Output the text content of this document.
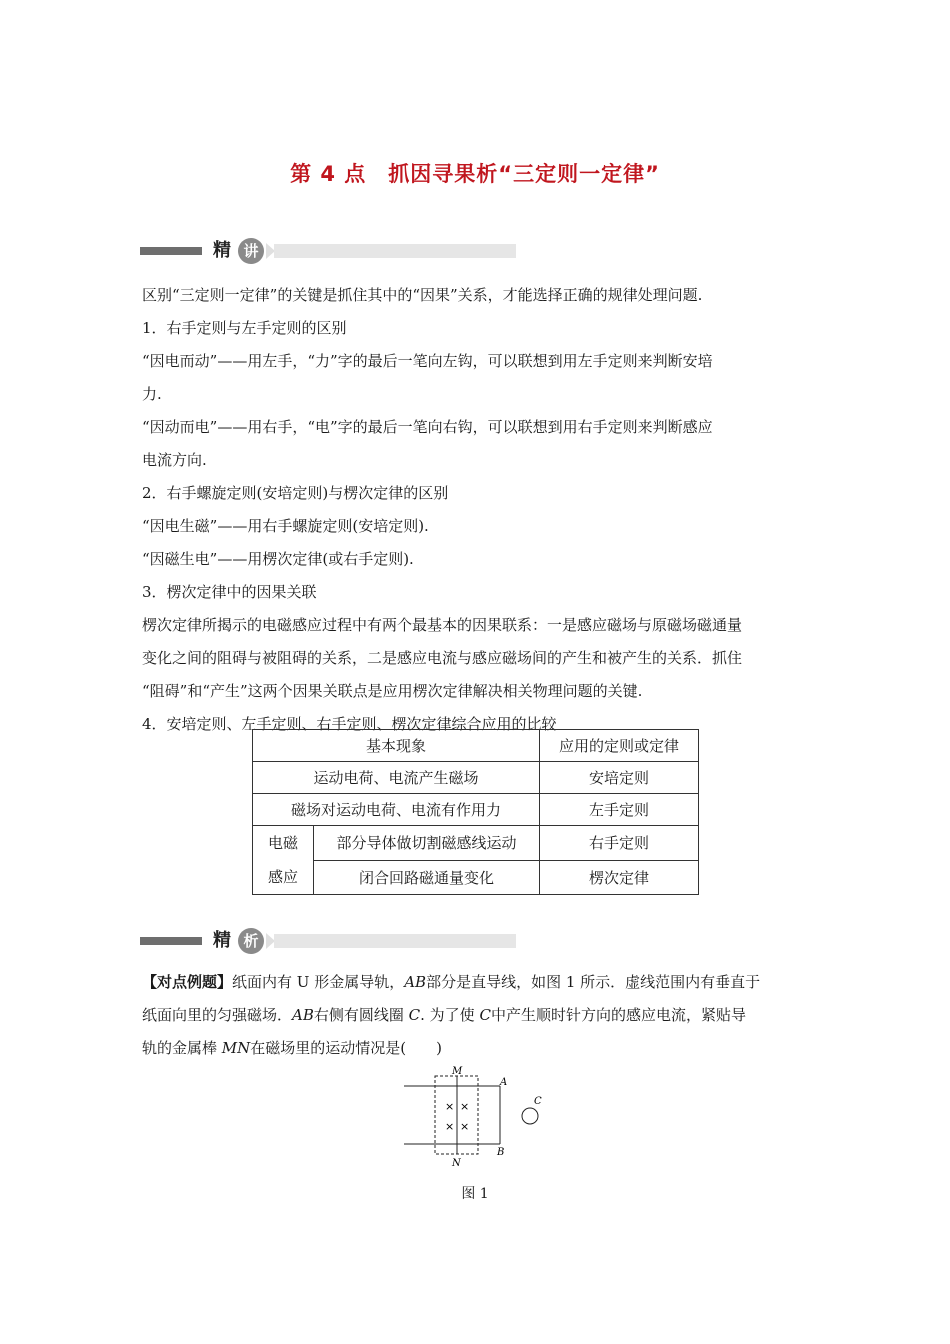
第 4 点　抓因寻果析“三定则一定律”
精 讲
区别“三定则一定律”的关键是抓住其中的“因果”关系，才能选择正确的规律处理问题.
1．右手定则与左手定则的区别
“因电而动”——用左手，“力”字的最后一笔向左钩，可以联想到用左手定则来判断安培
力.
“因动而电”——用右手，“电”字的最后一笔向右钩，可以联想到用右手定则来判断感应
电流方向.
2．右手螺旋定则(安培定则)与楞次定律的区别
“因电生磁”——用右手螺旋定则(安培定则).
“因磁生电”——用楞次定律(或右手定则).
3．楞次定律中的因果关联
楞次定律所揭示的电磁感应过程中有两个最基本的因果联系：一是感应磁场与原磁场磁通量
变化之间的阻碍与被阻碍的关系，二是感应电流与感应磁场间的产生和被产生的关系．抓住
“阻碍”和“产生”这两个因果关联点是应用楞次定律解决相关物理问题的关键.
4．安培定则、左手定则、右手定则、楞次定律综合应用的比较
基本现象		应用的定则或定律
运动电荷、电流产生磁场		安培定则
磁场对运动电荷、电流有作用力		左手定则
电磁
感应	部分导体做切割磁感线运动	右手定则
	闭合回路磁通量变化	楞次定律
精 析
【对点例题】纸面内有 U 形金属导轨，AB部分是直导线，如图 1 所示．虚线范围内有垂直于
纸面向里的匀强磁场．AB右侧有圆线圈 C. 为了使 C中产生顺时针方向的感应电流，紧贴导
轨的金属棒 MN在磁场里的运动情况是(　　)
× ×
× ×
M
N
A
B
C
图 1
